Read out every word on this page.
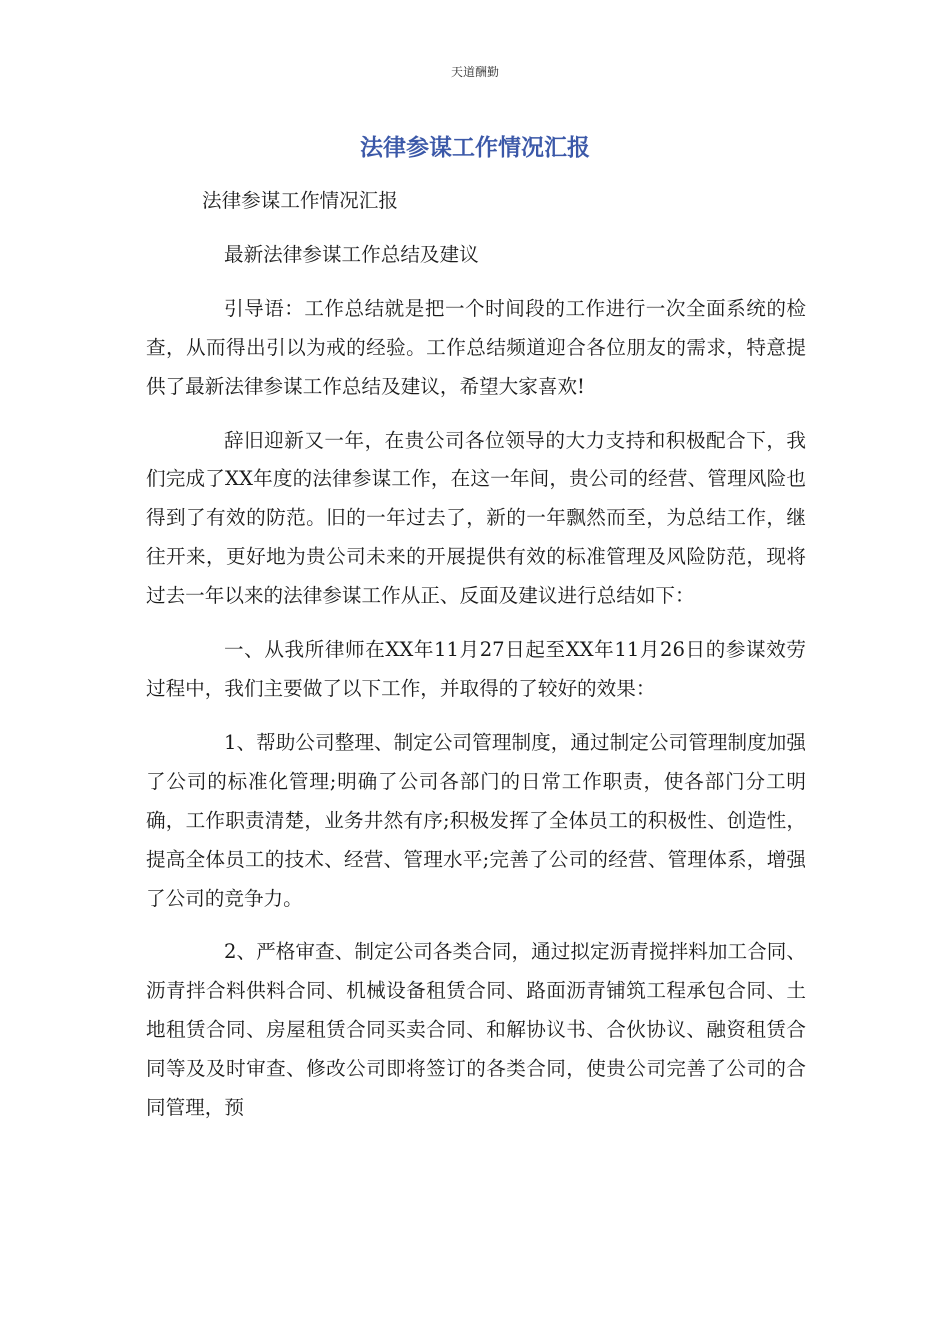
天道酬勤
法律参谋工作情况汇报

法律参谋工作情况汇报

最新法律参谋工作总结及建议

引导语：工作总结就是把一个时间段的工作进行一次全面系统的检查，从而得出引以为戒的经验。工作总结频道迎合各位朋友的需求，特意提供了最新法律参谋工作总结及建议，希望大家喜欢!

辞旧迎新又一年，在贵公司各位领导的大力支持和积极配合下，我们完成了XX年度的法律参谋工作，在这一年间，贵公司的经营、管理风险也得到了有效的防范。旧的一年过去了，新的一年飘然而至，为总结工作，继往开来，更好地为贵公司未来的开展提供有效的标准管理及风险防范，现将过去一年以来的法律参谋工作从正、反面及建议进行总结如下：

一、从我所律师在XX年11月27日起至XX年11月26日的参谋效劳过程中，我们主要做了以下工作，并取得的了较好的效果：

1、帮助公司整理、制定公司管理制度，通过制定公司管理制度加强了公司的标准化管理;明确了公司各部门的日常工作职责，使各部门分工明确，工作职责清楚，业务井然有序;积极发挥了全体员工的积极性、创造性，提高全体员工的技术、经营、管理水平;完善了公司的经营、管理体系，增强了公司的竞争力。

2、严格审查、制定公司各类合同，通过拟定沥青搅拌料加工合同、沥青拌合料供料合同、机械设备租赁合同、路面沥青铺筑工程承包合同、土地租赁合同、房屋租赁合同买卖合同、和解协议书、合伙协议、融资租赁合同等及及时审查、修改公司即将签订的各类合同，使贵公司完善了公司的合同管理，预
